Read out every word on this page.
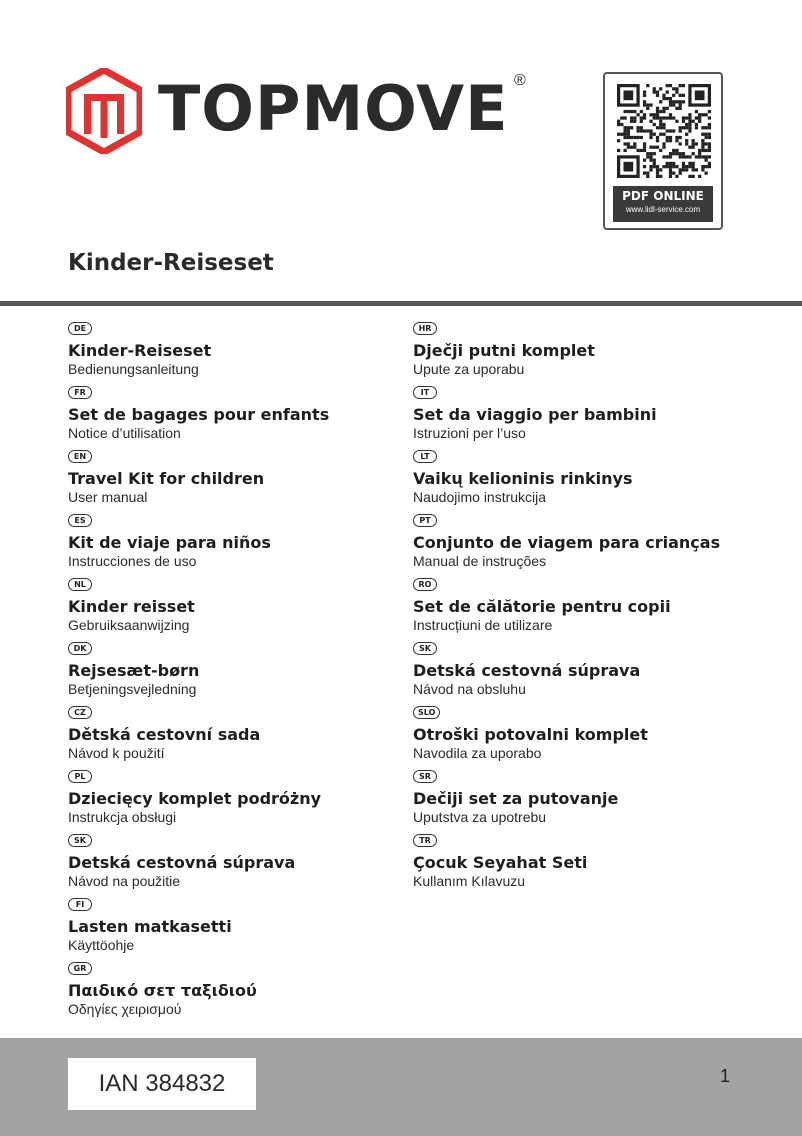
TOPMOVE ®
PDF ONLINE
www.lidl-service.com
Kinder-Reiseset
DE
Kinder-Reiseset
Bedienungsanleitung
FR
Set de bagages pour enfants
Notice d’utilisation
EN
Travel Kit for children
User manual
ES
Kit de viaje para niños
Instrucciones de uso
NL
Kinder reisset
Gebruiksaanwijzing
DK
Rejsesæt-børn
Betjeningsvejledning
CZ
Dětská cestovní sada
Návod k použití
PL
Dziecięcy komplet podróżny
Instrukcja obsługi
SK
Detská cestovná súprava
Návod na použitie
FI
Lasten matkasetti
Käyttöohje
GR
Παιδικό σετ ταξιδιού
Οδηγίες χειρισμού
HR
Dječji putni komplet
Upute za uporabu
IT
Set da viaggio per bambini
Istruzioni per l’uso
LT
Vaikų kelioninis rinkinys
Naudojimo instrukcija
PT
Conjunto de viagem para crianças
Manual de instruções
RO
Set de călătorie pentru copii
Instrucțiuni de utilizare
SK
Detská cestovná súprava
Návod na obsluhu
SLO
Otroški potovalni komplet
Navodila za uporabo
SR
Dečiji set za putovanje
Uputstva za upotrebu
TR
Çocuk Seyahat Seti
Kullanım Kılavuzu
IAN 384832	1
